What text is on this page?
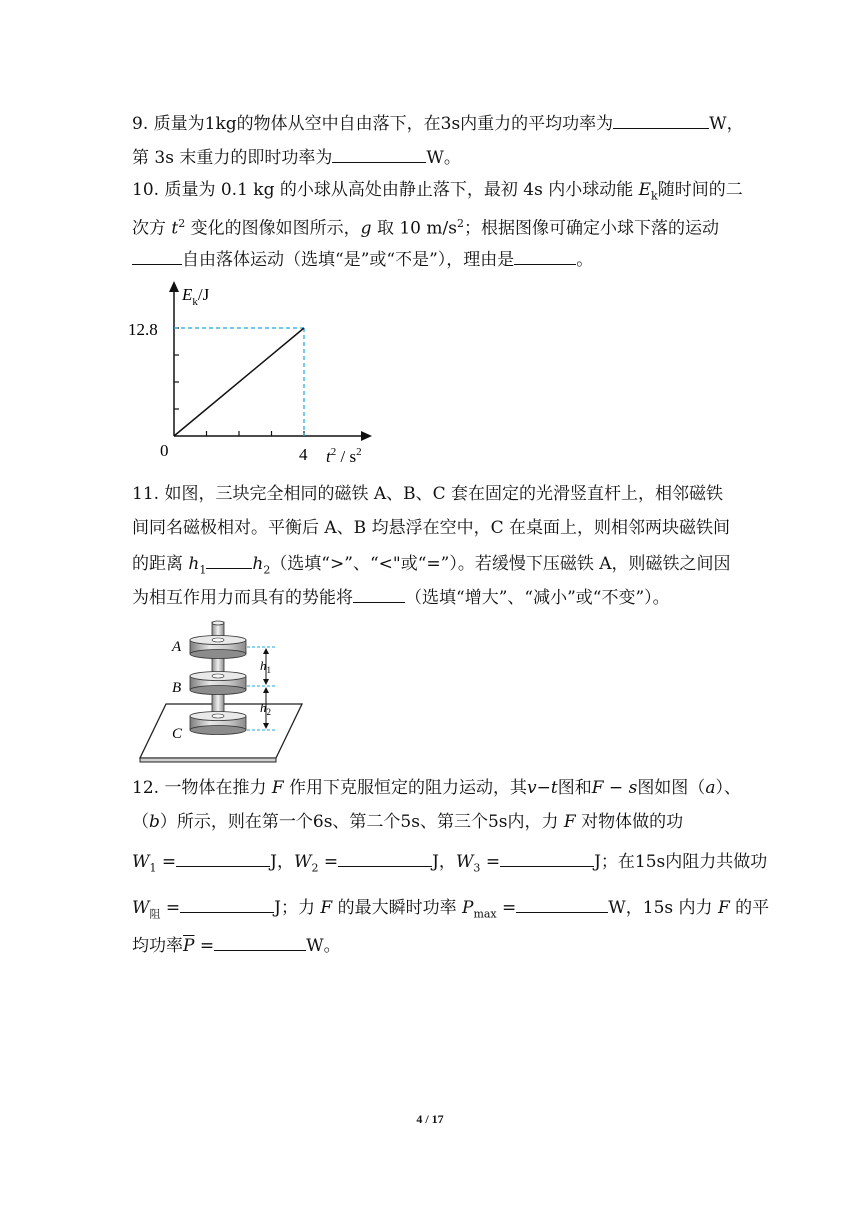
9. 质量为1kg的物体从空中自由落下，在3s内重力的平均功率为	W，
第 3s 末重力的即时功率为	W。
10. 质量为 0.1 kg 的小球从高处由静止落下，最初 4s 内小球动能 $E_k$随时间的二
次方 $t^2$ 变化的图像如图所示，g 取 10 $m/s^2$；根据图像可确定小球下落的运动
自由落体运动（选填“是”或“不是”），理由是	。
12.8
4
0
$E_k/J$
$t^2 / s^2$
11. 如图，三块完全相同的磁铁 A、B、C 套在固定的光滑竖直杆上，相邻磁铁
间同名磁极相对。平衡后 A、B 均悬浮在空中，C 在桌面上，则相邻两块磁铁间
的距离 $h_1$	$h_2$（选填“>”、“<"或“=”）。若缓慢下压磁铁 A，则磁铁之间因
为相互作用力而具有的势能将	（选填“增大”、“减小”或“不变”）。
A
B
C
$h_1$
$h_2$
12. 一物体在推力 F 作用下克服恒定的阻力运动，其v−t图和F − s图如图（a）、
（b）所示，则在第一个6s、第二个5s、第三个5s内，力 F 对物体做的功
$W_1$ =	J，$W_2$ =	J，$W_3$ =	J；在15s内阻力共做功
$W_阻$ =	J；力 F 的最大瞬时功率 $P_{max}$ =	W，15s 内力 F 的平
均功率$\overline{P}$ =	W。
4 / 17
